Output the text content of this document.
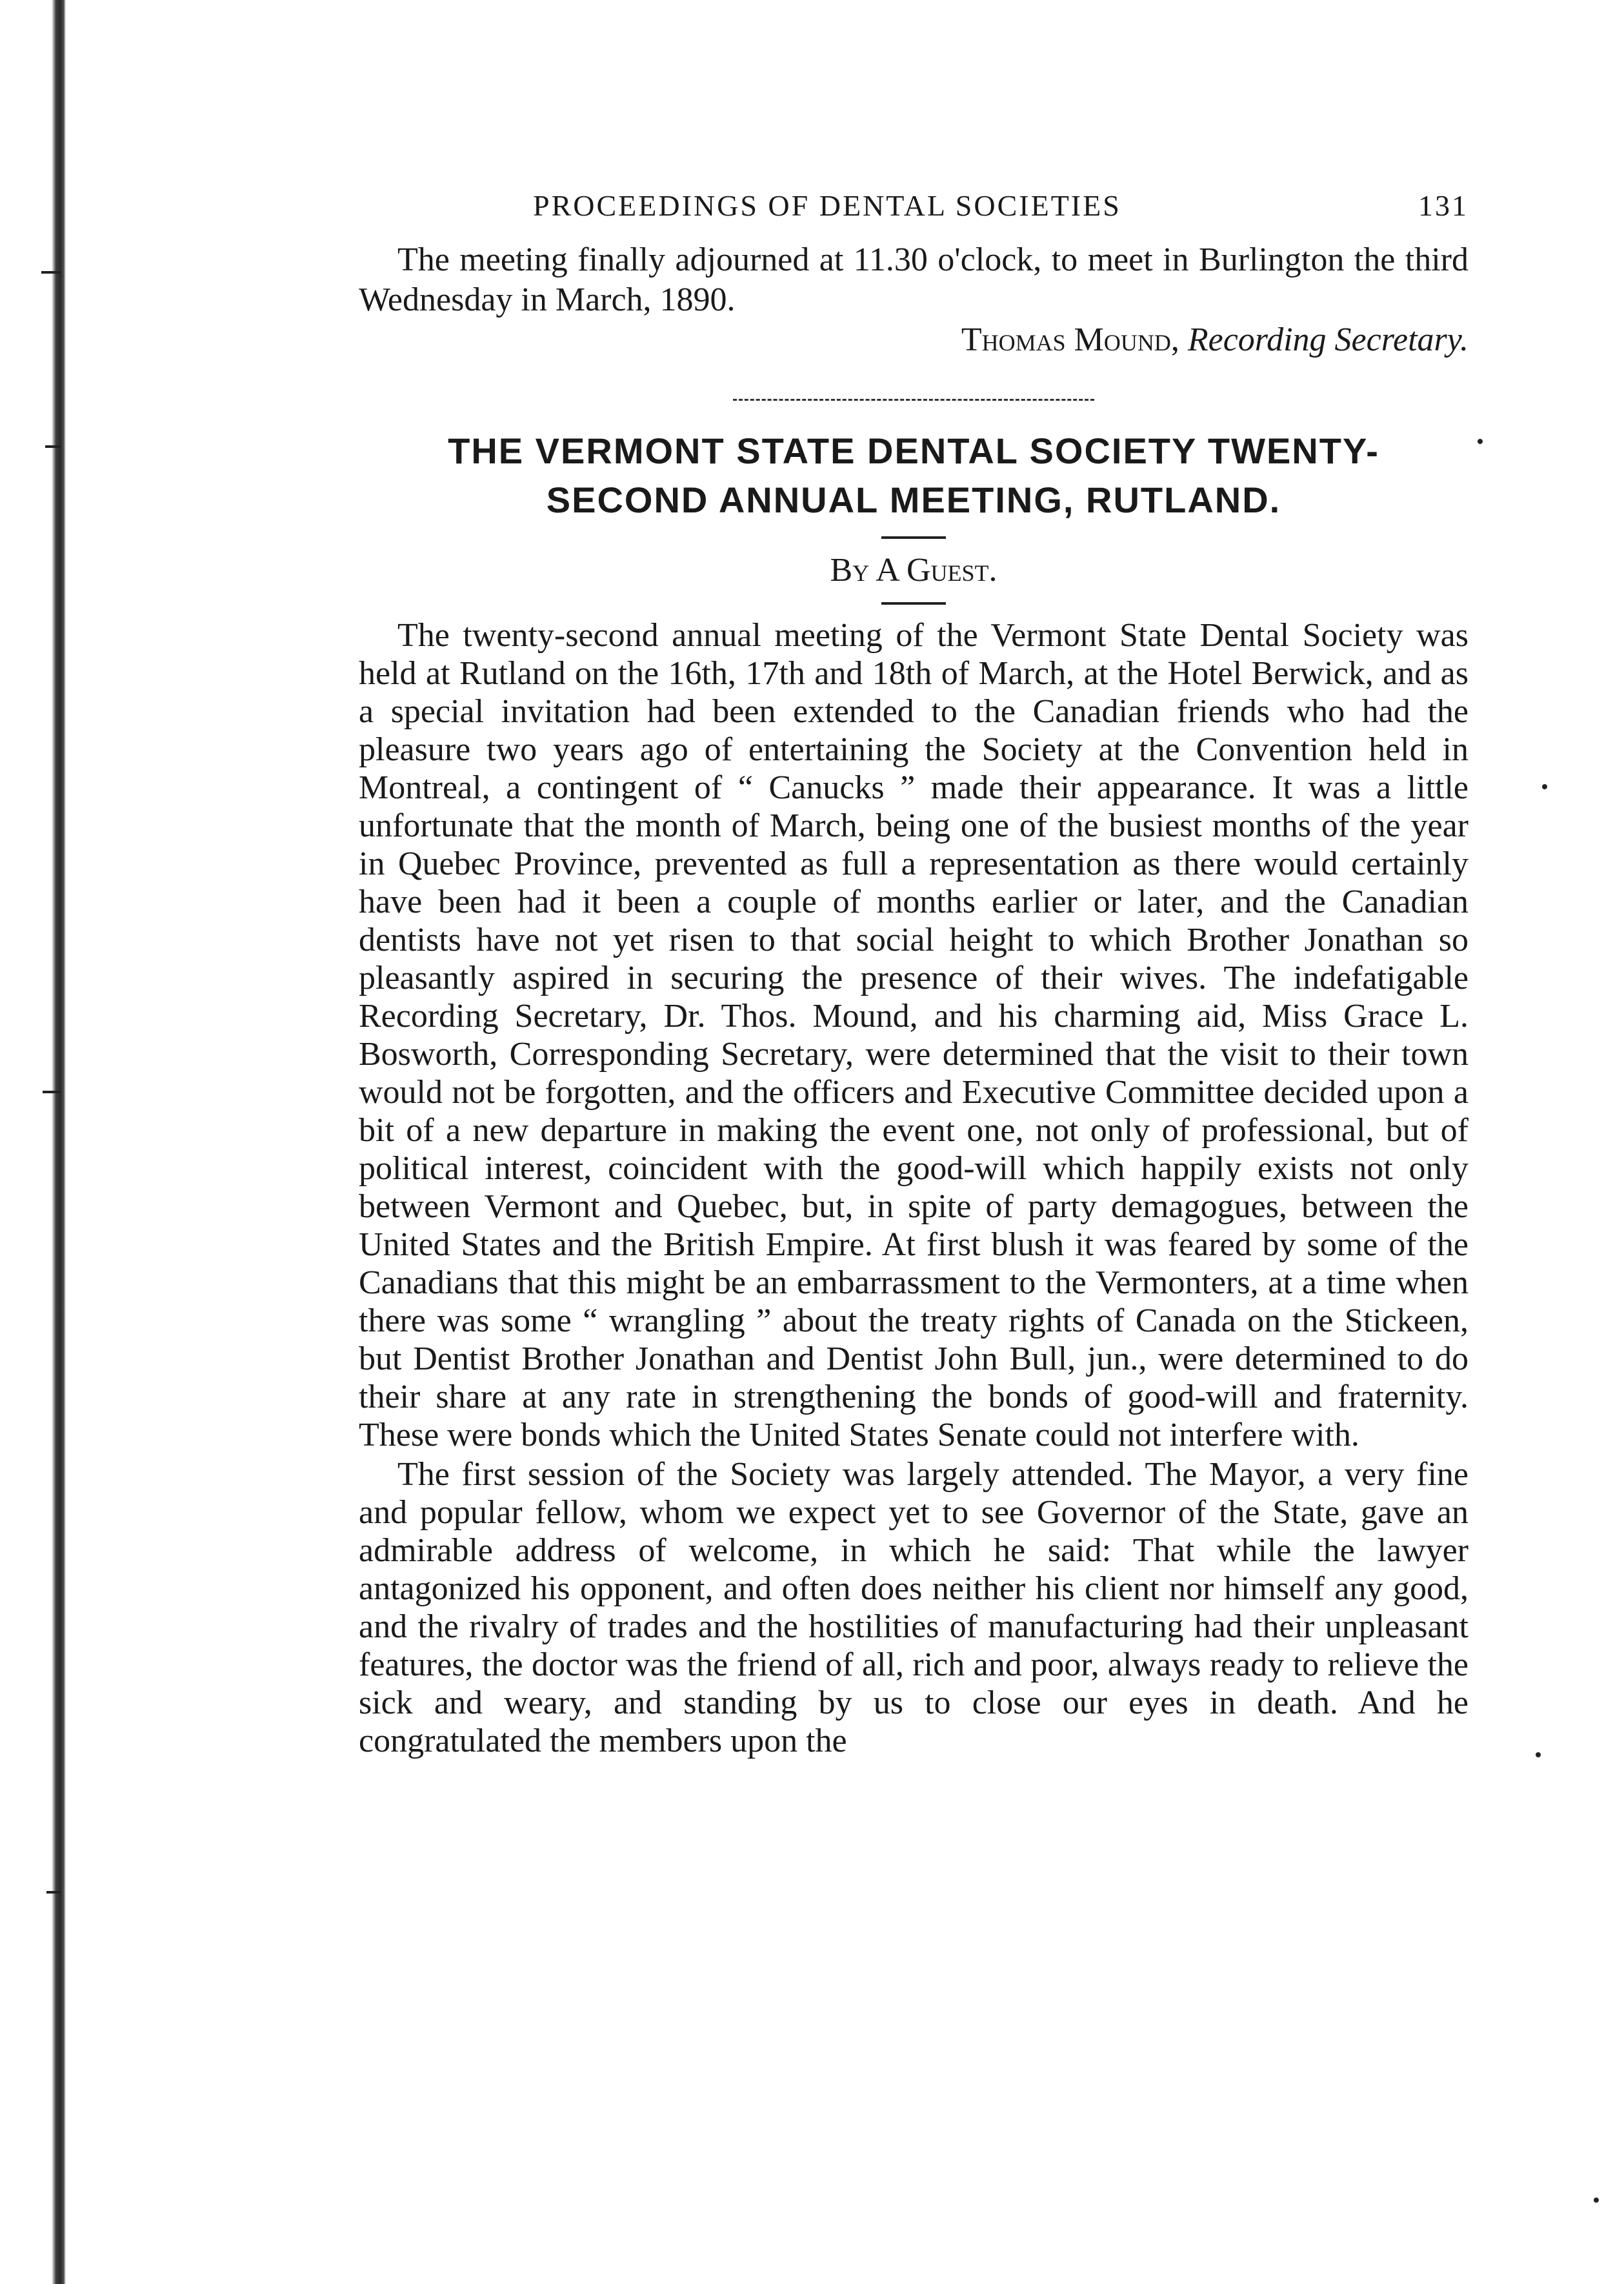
PROCEEDINGS OF DENTAL SOCIETIES	131
The meeting finally adjourned at 11.30 o'clock, to meet in Burlington the third Wednesday in March, 1890.
Thomas Mound, Recording Secretary.
THE VERMONT STATE DENTAL SOCIETY TWENTY-
SECOND ANNUAL MEETING, RUTLAND.
By A Guest.

The twenty-second annual meeting of the Vermont State Dental Society was held at Rutland on the 16th, 17th and 18th of March, at the Hotel Berwick, and as a special invitation had been extended to the Canadian friends who had the pleasure two years ago of entertaining the Society at the Convention held in Montreal, a contingent of “ Canucks ” made their appearance. It was a little unfortunate that the month of March, being one of the busiest months of the year in Quebec Province, prevented as full a representation as there would certainly have been had it been a couple of months earlier or later, and the Canadian dentists have not yet risen to that social height to which Brother Jonathan so pleasantly aspired in securing the presence of their wives. The indefatigable Recording Secretary, Dr. Thos. Mound, and his charming aid, Miss Grace L. Bosworth, Corresponding Secretary, were determined that the visit to their town would not be forgotten, and the officers and Executive Committee decided upon a bit of a new departure in making the event one, not only of professional, but of political interest, coincident with the good-will which happily exists not only between Vermont and Quebec, but, in spite of party demagogues, between the United States and the British Empire. At first blush it was feared by some of the Canadians that this might be an embarrassment to the Vermonters, at a time when there was some “ wrangling ” about the treaty rights of Canada on the Stickeen, but Dentist Brother Jonathan and Dentist John Bull, jun., were determined to do their share at any rate in strengthening the bonds of good-will and fraternity. These were bonds which the United States Senate could not interfere with.

The first session of the Society was largely attended. The Mayor, a very fine and popular fellow, whom we expect yet to see Governor of the State, gave an admirable address of welcome, in which he said: That while the lawyer antagonized his opponent, and often does neither his client nor himself any good, and the rivalry of trades and the hostilities of manufacturing had their unpleasant features, the doctor was the friend of all, rich and poor, always ready to relieve the sick and weary, and standing by us to close our eyes in death. And he congratulated the members upon the
